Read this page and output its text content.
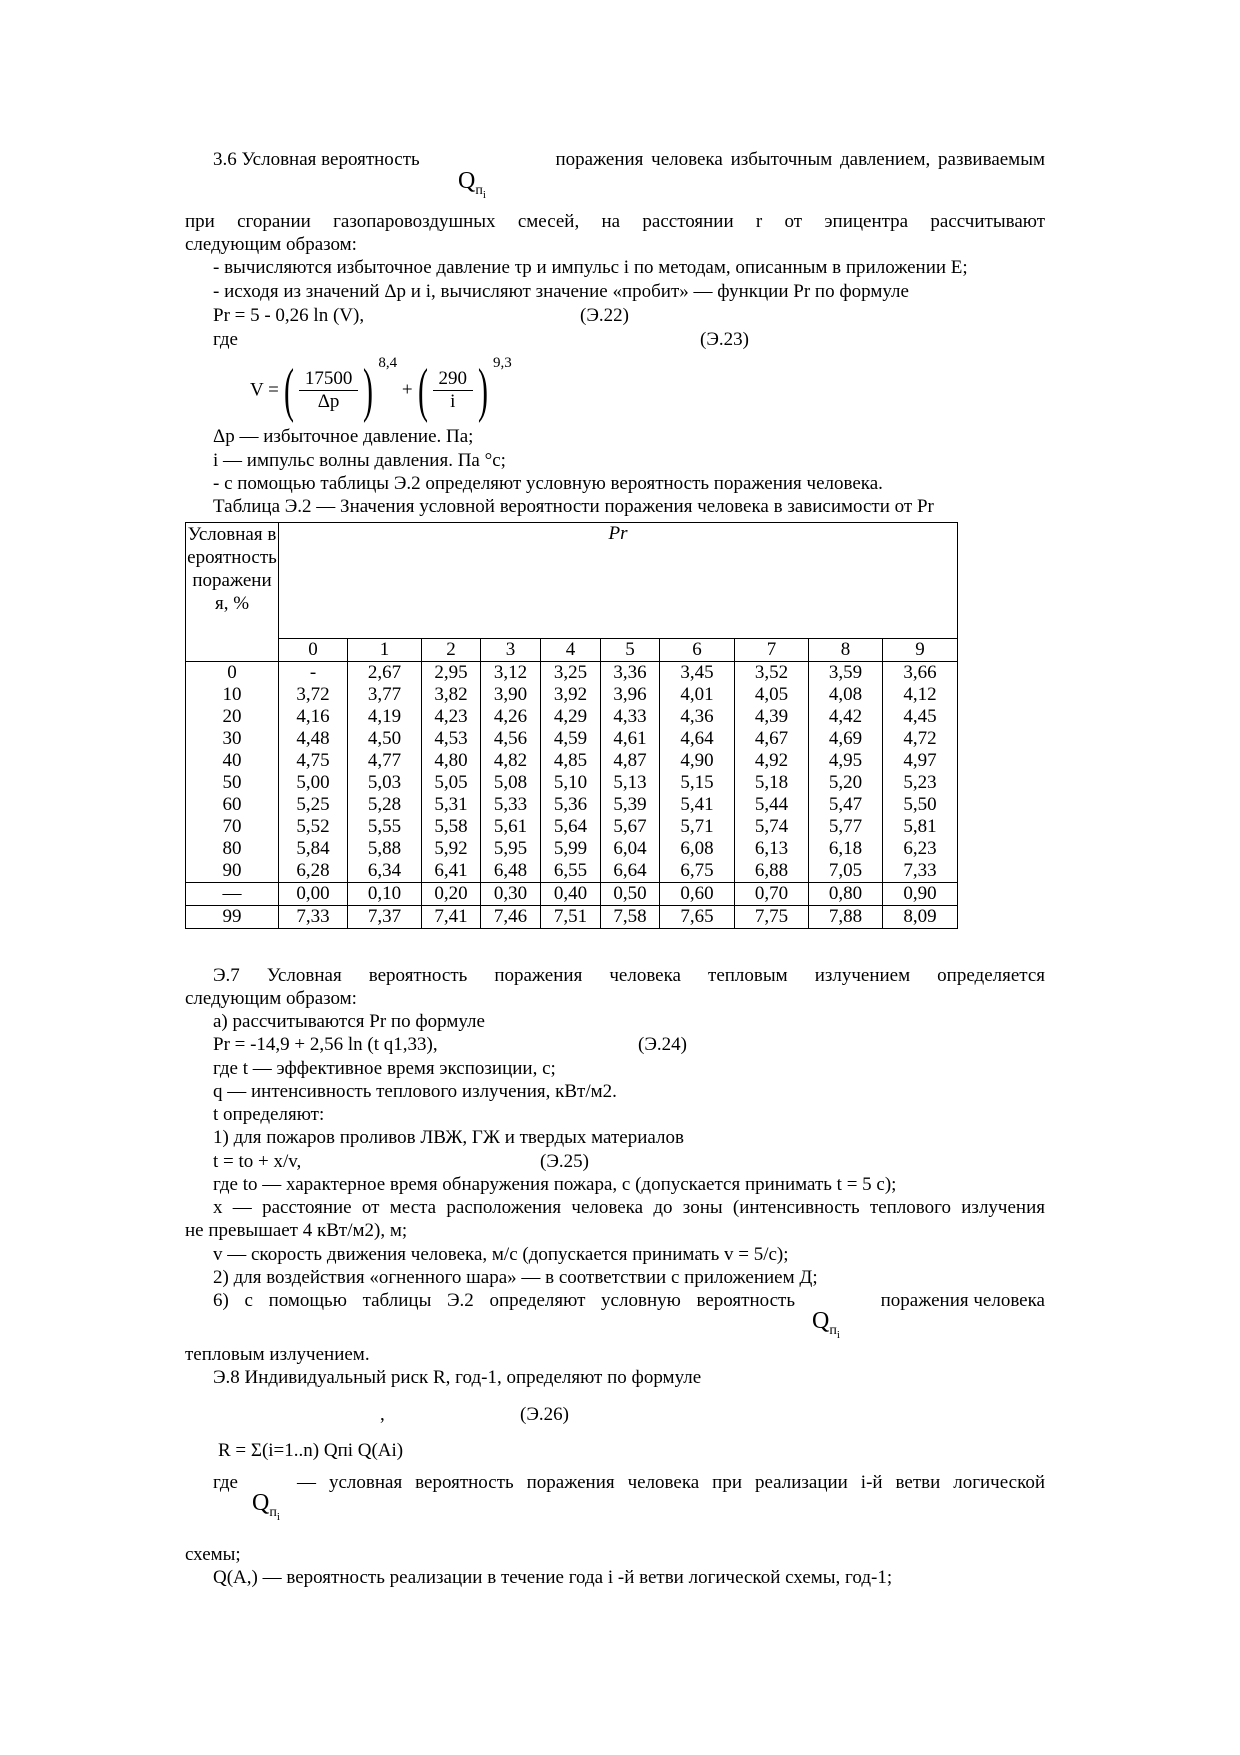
3.6 Условная вероятность	поражения человека избыточным давлением, развиваемым
$Q_{п_i}$
при сгорании газопаровоздушных смесей, на расстоянии r от эпицентра рассчитывают
следующим образом:
- вычисляются избыточное давление τp и импульс i по методам, описанным в приложении Е;
- исходя из значений Δp и i, вычисляют значение «пробит» — функции Pr по формуле
Pr = 5 - 0,26 ln (V),	(Э.22)
где	(Э.23)
V =( $\frac{17500}{\Delta p}$ ) $^{8,4}$ +( $\frac{290}{i}$ ) $^{9,3}$
Δp — избыточное давление. Па;
i — импульс волны давления. Па °с;
- с помощью таблицы Э.2 определяют условную вероятность поражения человека.
Таблица Э.2 — Значения условной вероятности поражения человека в зависимости от Pr
Условная вероятность поражения, %	Pr									
	0	1	2	3	4	5	6	7	8	9
0	-	2,67	2,95	3,12	3,25	3,36	3,45	3,52	3,59	3,66
10	3,72	3,77	3,82	3,90	3,92	3,96	4,01	4,05	4,08	4,12
20	4,16	4,19	4,23	4,26	4,29	4,33	4,36	4,39	4,42	4,45
30	4,48	4,50	4,53	4,56	4,59	4,61	4,64	4,67	4,69	4,72
40	4,75	4,77	4,80	4,82	4,85	4,87	4,90	4,92	4,95	4,97
50	5,00	5,03	5,05	5,08	5,10	5,13	5,15	5,18	5,20	5,23
60	5,25	5,28	5,31	5,33	5,36	5,39	5,41	5,44	5,47	5,50
70	5,52	5,55	5,58	5,61	5,64	5,67	5,71	5,74	5,77	5,81
80	5,84	5,88	5,92	5,95	5,99	6,04	6,08	6,13	6,18	6,23
90	6,28	6,34	6,41	6,48	6,55	6,64	6,75	6,88	7,05	7,33
—	0,00	0,10	0,20	0,30	0,40	0,50	0,60	0,70	0,80	0,90
99	7,33	7,37	7,41	7,46	7,51	7,58	7,65	7,75	7,88	8,09
Э.7 Условная вероятность поражения человека тепловым излучением определяется
следующим образом:
а) рассчитываются Pr по формуле
Pr = -14,9 + 2,56 ln (t q1,33),	(Э.24)
где t — эффективное время экспозиции, с;
q — интенсивность теплового излучения, кВт/м2.
t определяют:
1) для пожаров проливов ЛВЖ, ГЖ и твердых материалов
t = to + x/v,	(Э.25)
где to — характерное время обнаружения пожара, с (допускается принимать t = 5 с);
x — расстояние от места расположения человека до зоны (интенсивность теплового излучения
не превышает 4 кВт/м2), м;
v — скорость движения человека, м/с (допускается принимать v = 5/с);
2) для воздействия «огненного шара» — в соответствии с приложением Д;
6) с помощью таблицы Э.2 определяют условную вероятность	поражения человека
$Q_{п_i}$
тепловым излучением.
Э.8 Индивидуальный риск R, год-1, определяют по формуле
,	(Э.26)
R = Σ(i=1..n) Qпi Q(Ai)
где	— условная вероятность поражения человека при реализации i-й ветви логической
$Q_{п_i}$
схемы;
Q(A,) — вероятность реализации в течение года i -й ветви логической схемы, год-1;
